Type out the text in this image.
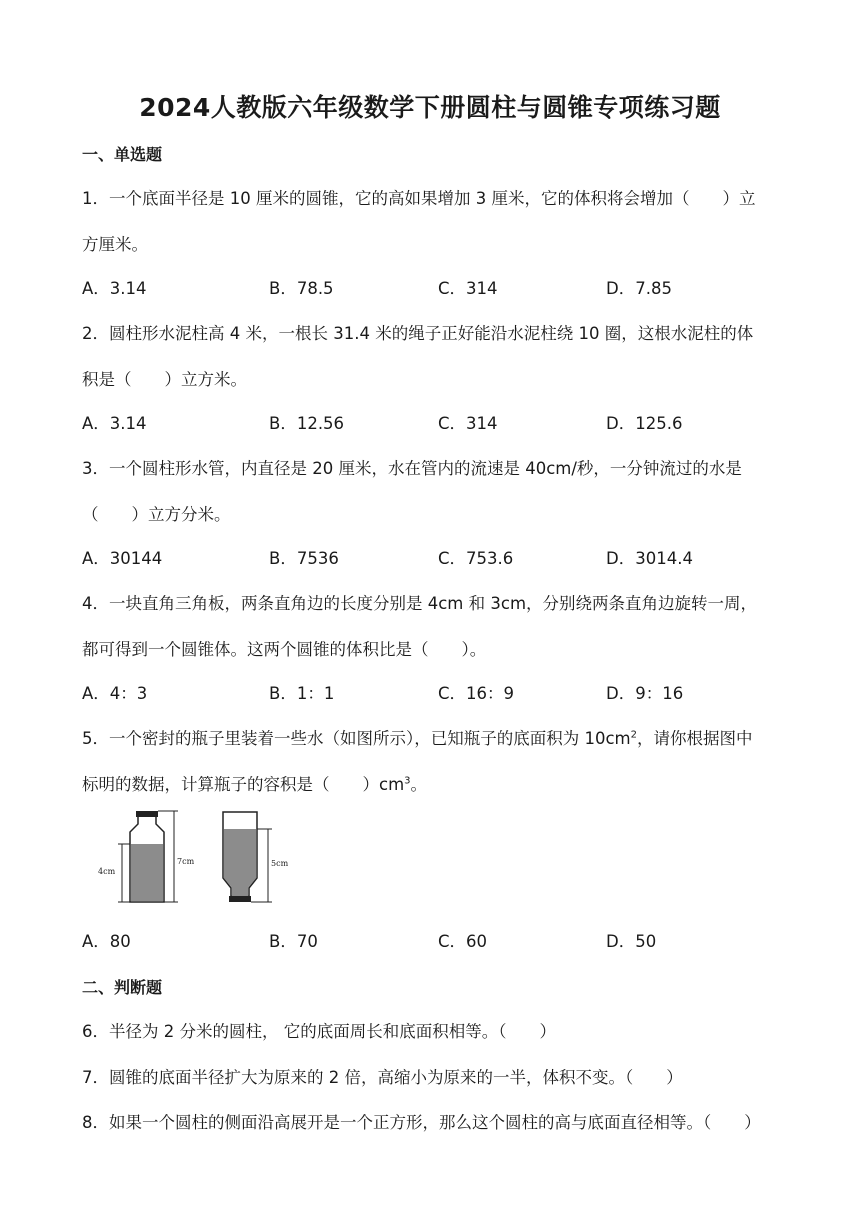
2024人教版六年级数学下册圆柱与圆锥专项练习题
一、单选题
1．一个底面半径是 10 厘米的圆锥，它的高如果增加 3 厘米，它的体积将会增加（　　）立
方厘米。
A．3.14	B．78.5	C．314	D．7.85
2．圆柱形水泥柱高 4 米，一根长 31.4 米的绳子正好能沿水泥柱绕 10 圈，这根水泥柱的体
积是（　　）立方米。
A．3.14	B．12.56	C．314	D．125.6
3．一个圆柱形水管，内直径是 20 厘米，水在管内的流速是 40cm/秒，一分钟流过的水是
（　　）立方分米。
A．30144	B．7536	C．753.6	D．3014.4
4．一块直角三角板，两条直角边的长度分别是 4cm 和 3cm，分别绕两条直角边旋转一周，
都可得到一个圆锥体。这两个圆锥的体积比是（　　）。
A．4：3	B．1：1	C．16：9	D．9：16
5．一个密封的瓶子里装着一些水（如图所示），已知瓶子的底面积为 $10cm^2$，请你根据图中
标明的数据，计算瓶子的容积是（　　）$cm^3$。
4cm
7cm	5cm
A．80	B．70	C．60	D．50
二、判断题
6．半径为 2 分米的圆柱， 它的底面周长和底面积相等。（　　）
7．圆锥的底面半径扩大为原来的 2 倍，高缩小为原来的一半，体积不变。（　　）
8．如果一个圆柱的侧面沿高展开是一个正方形，那么这个圆柱的高与底面直径相等。（　　）
